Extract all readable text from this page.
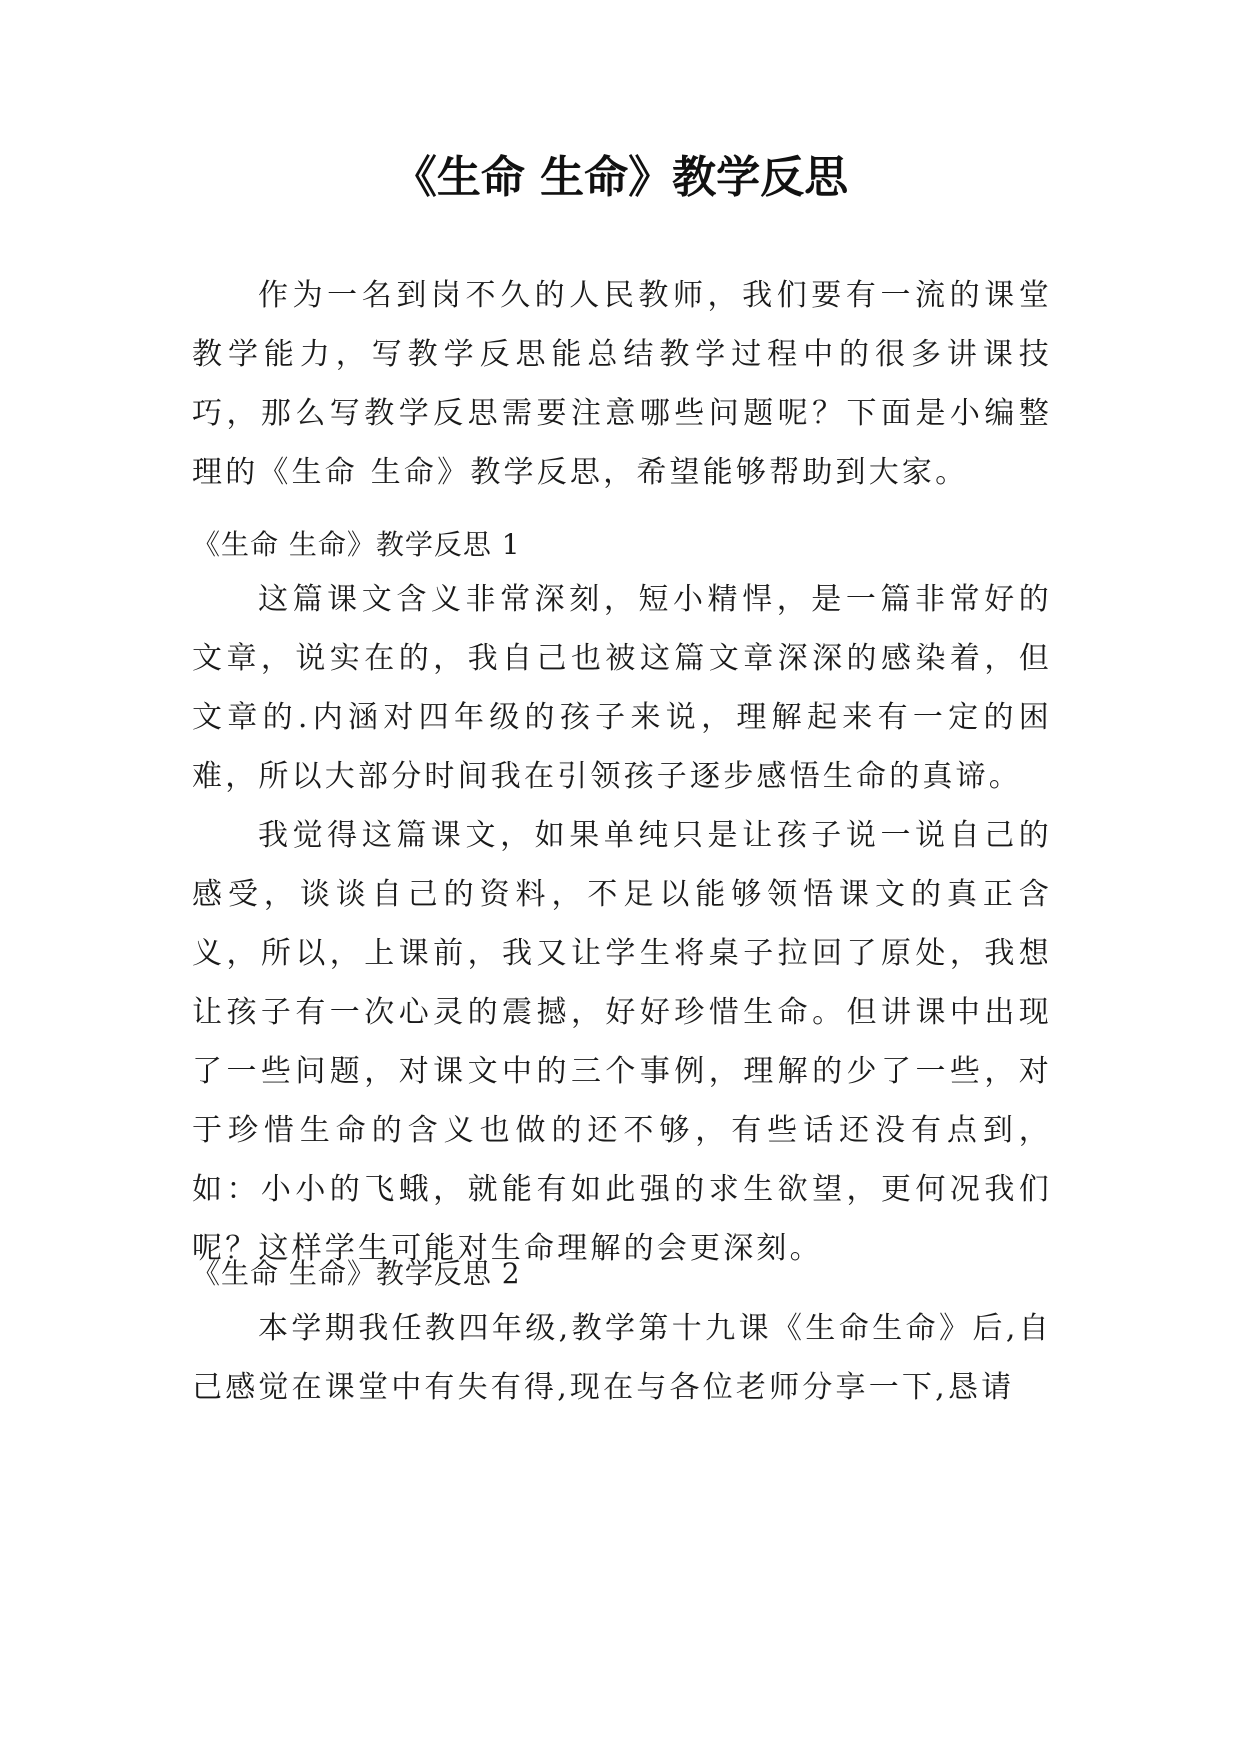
《生命 生命》教学反思

作为一名到岗不久的人民教师，我们要有一流的课堂教学能力，写教学反思能总结教学过程中的很多讲课技巧，那么写教学反思需要注意哪些问题呢？下面是小编整理的《生命 生命》教学反思，希望能够帮助到大家。

《生命 生命》教学反思 1

这篇课文含义非常深刻，短小精悍，是一篇非常好的文章，说实在的，我自己也被这篇文章深深的感染着，但文章的.内涵对四年级的孩子来说，理解起来有一定的困难，所以大部分时间我在引领孩子逐步感悟生命的真谛。

我觉得这篇课文，如果单纯只是让孩子说一说自己的感受，谈谈自己的资料，不足以能够领悟课文的真正含义，所以，上课前，我又让学生将桌子拉回了原处，我想让孩子有一次心灵的震撼，好好珍惜生命。但讲课中出现了一些问题，对课文中的三个事例，理解的少了一些，对于珍惜生命的含义也做的还不够，有些话还没有点到，如：小小的飞蛾，就能有如此强的求生欲望，更何况我们呢？这样学生可能对生命理解的会更深刻。

《生命 生命》教学反思 2

本学期我任教四年级,教学第十九课《生命生命》后,自己感觉在课堂中有失有得,现在与各位老师分享一下,恳请
